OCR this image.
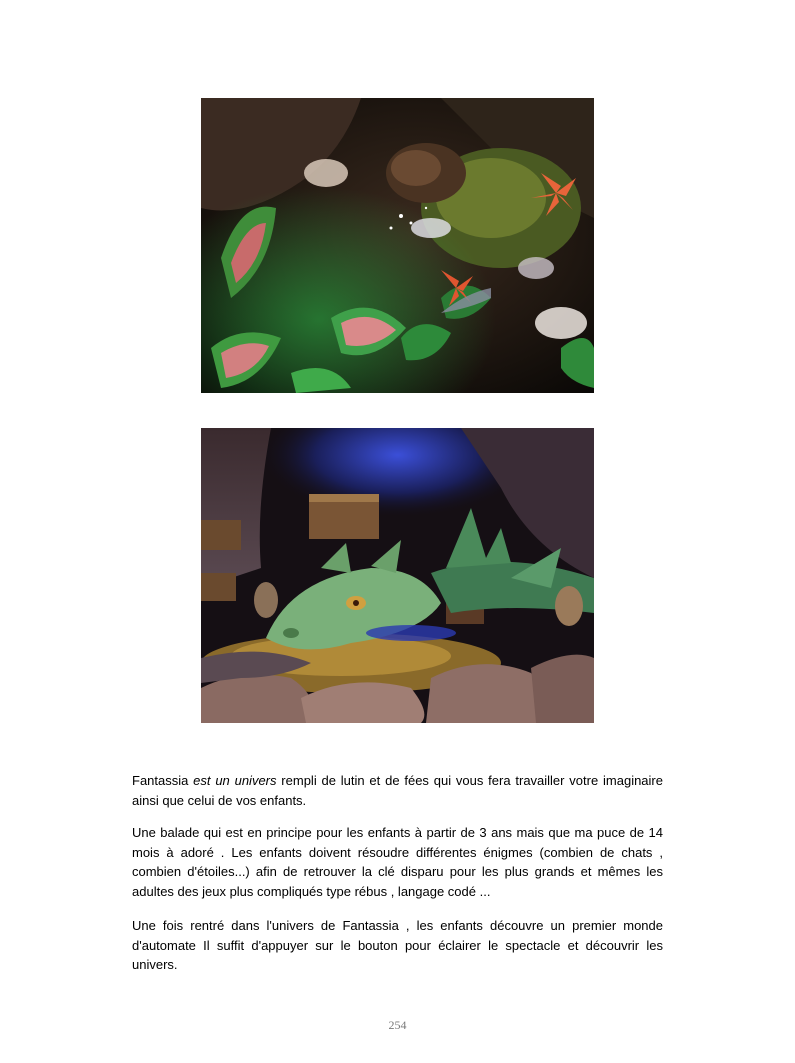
Fantassia est un univers rempli de lutin et de fées qui vous fera travailler votre imaginaire ainsi que celui de vos enfants.

Une balade qui est en principe pour les enfants à partir de 3 ans mais que ma puce de 14 mois à adoré . Les enfants doivent résoudre différentes énigmes (combien de chats , combien d'étoiles...) afin de retrouver la clé disparu pour les plus grands et mêmes les adultes des jeux plus compliqués type rébus , langage codé ...

Une fois rentré dans l'univers de Fantassia , les enfants découvre un premier monde d'automate Il suffit d'appuyer sur le bouton pour éclairer le spectacle et découvrir les univers.

254
